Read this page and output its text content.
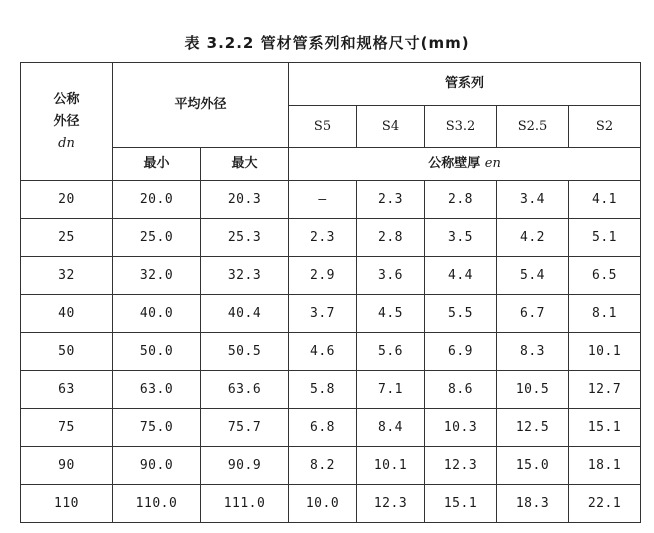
表 3.2.2 管材管系列和规格尺寸(mm)
公称
外径
dn	平均外径		管系列				
			S5	S4	S3.2	S2.5	S2
	最小	最大	公称壁厚 en				
20	20.0	20.3	—	2.3	2.8	3.4	4.1
25	25.0	25.3	2.3	2.8	3.5	4.2	5.1
32	32.0	32.3	2.9	3.6	4.4	5.4	6.5
40	40.0	40.4	3.7	4.5	5.5	6.7	8.1
50	50.0	50.5	4.6	5.6	6.9	8.3	10.1
63	63.0	63.6	5.8	7.1	8.6	10.5	12.7
75	75.0	75.7	6.8	8.4	10.3	12.5	15.1
90	90.0	90.9	8.2	10.1	12.3	15.0	18.1
110	110.0	111.0	10.0	12.3	15.1	18.3	22.1
